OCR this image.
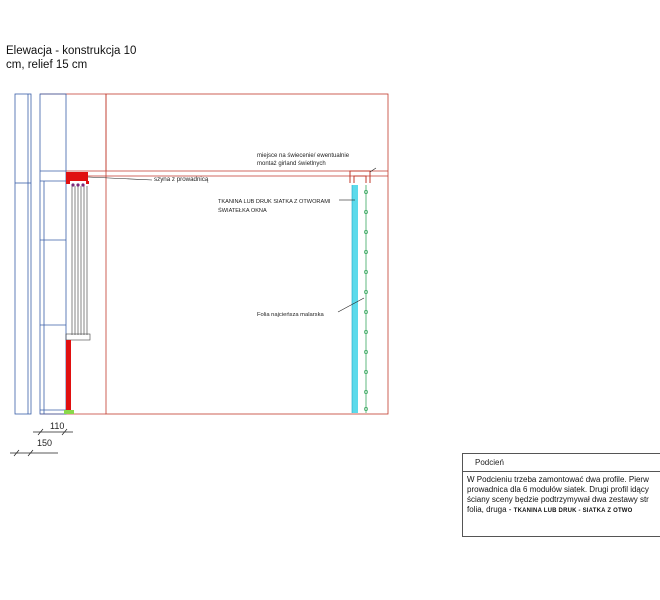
Elewacja - konstrukcja 10 cm, relief 15 cm
szyna z prowadnicą
miejsce na świecenie/ ewentualnie
montaż girland świetlnych
TKANINA LUB DRUK SIATKA Z OTWORAMI
ŚWIATEŁKA OKNA
Folia najcieńsza malarska
110
150
Podcień
W Podcieniu trzeba zamontować dwa profile. Pierw
prowadnica dla 6 modułów siatek. Drugi profil idący
ściany sceny będzie podtrzymywał dwa zestawy str
folia, druga - TKANINA LUB DRUK - SIATKA Z OTWO
